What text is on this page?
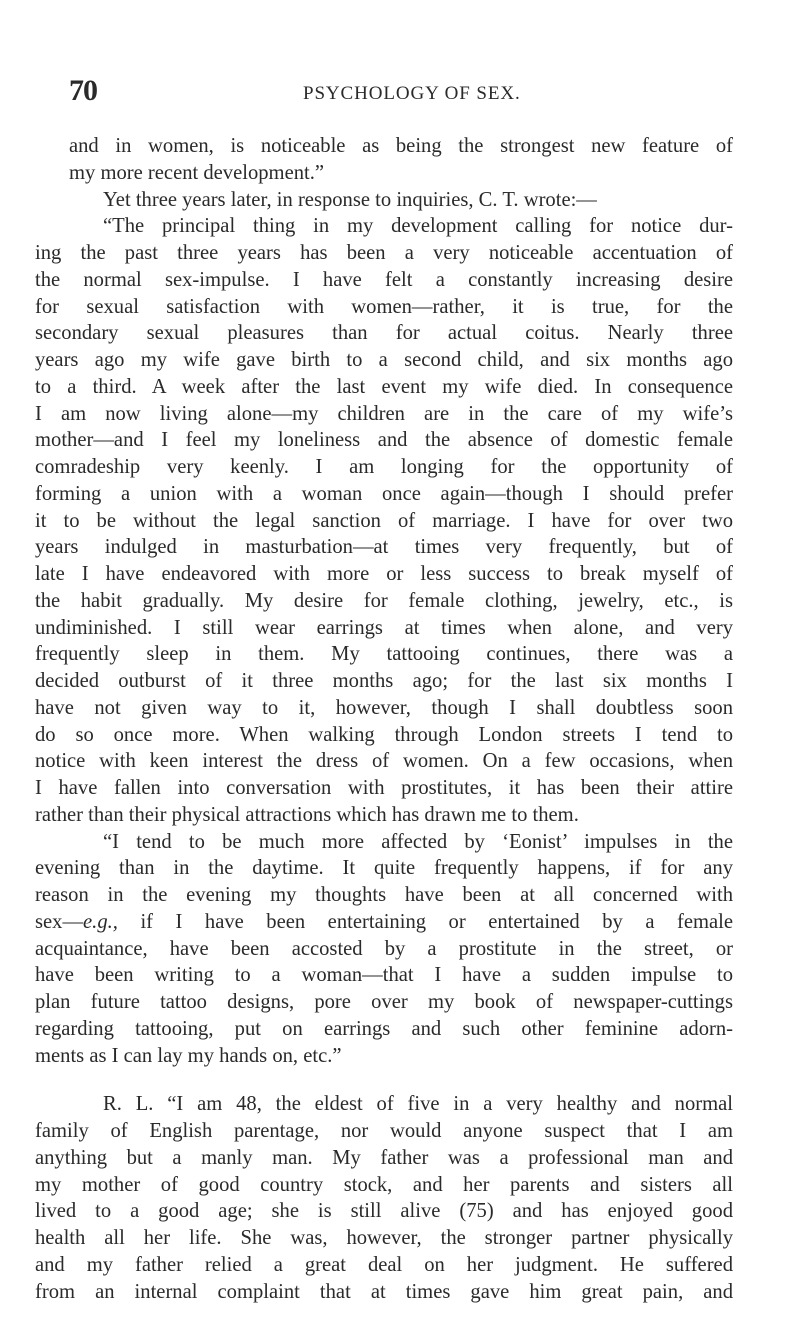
70	PSYCHOLOGY OF SEX.

and in women, is noticeable as being the strongest new feature of
my more recent development.”

Yet three years later, in response to inquiries, C. T. wrote:—

“The principal thing in my development calling for notice dur-
ing the past three years has been a very noticeable accentuation of
the normal sex-impulse. I have felt a constantly increasing desire
for sexual satisfaction with women—rather, it is true, for the
secondary sexual pleasures than for actual coitus. Nearly three
years ago my wife gave birth to a second child, and six months ago
to a third. A week after the last event my wife died. In consequence
I am now living alone—my children are in the care of my wife’s
mother—and I feel my loneliness and the absence of domestic female
comradeship very keenly. I am longing for the opportunity of
forming a union with a woman once again—though I should prefer
it to be without the legal sanction of marriage. I have for over two
years indulged in masturbation—at times very frequently, but of
late I have endeavored with more or less success to break myself of
the habit gradually. My desire for female clothing, jewelry, etc., is
undiminished. I still wear earrings at times when alone, and very
frequently sleep in them. My tattooing continues, there was a
decided outburst of it three months ago; for the last six months I
have not given way to it, however, though I shall doubtless soon
do so once more. When walking through London streets I tend to
notice with keen interest the dress of women. On a few occasions, when
I have fallen into conversation with prostitutes, it has been their attire
rather than their physical attractions which has drawn me to them.

“I tend to be much more affected by ‘Eonist’ impulses in the
evening than in the daytime. It quite frequently happens, if for any
reason in the evening my thoughts have been at all concerned with
sex—e.g., if I have been entertaining or entertained by a female
acquaintance, have been accosted by a prostitute in the street, or
have been writing to a woman—that I have a sudden impulse to
plan future tattoo designs, pore over my book of newspaper-cuttings
regarding tattooing, put on earrings and such other feminine adorn-
ments as I can lay my hands on, etc.”

R. L. “I am 48, the eldest of five in a very healthy and normal
family of English parentage, nor would anyone suspect that I am
anything but a manly man. My father was a professional man and
my mother of good country stock, and her parents and sisters all
lived to a good age; she is still alive (75) and has enjoyed good
health all her life. She was, however, the stronger partner physically
and my father relied a great deal on her judgment. He suffered
from an internal complaint that at times gave him great pain, and
